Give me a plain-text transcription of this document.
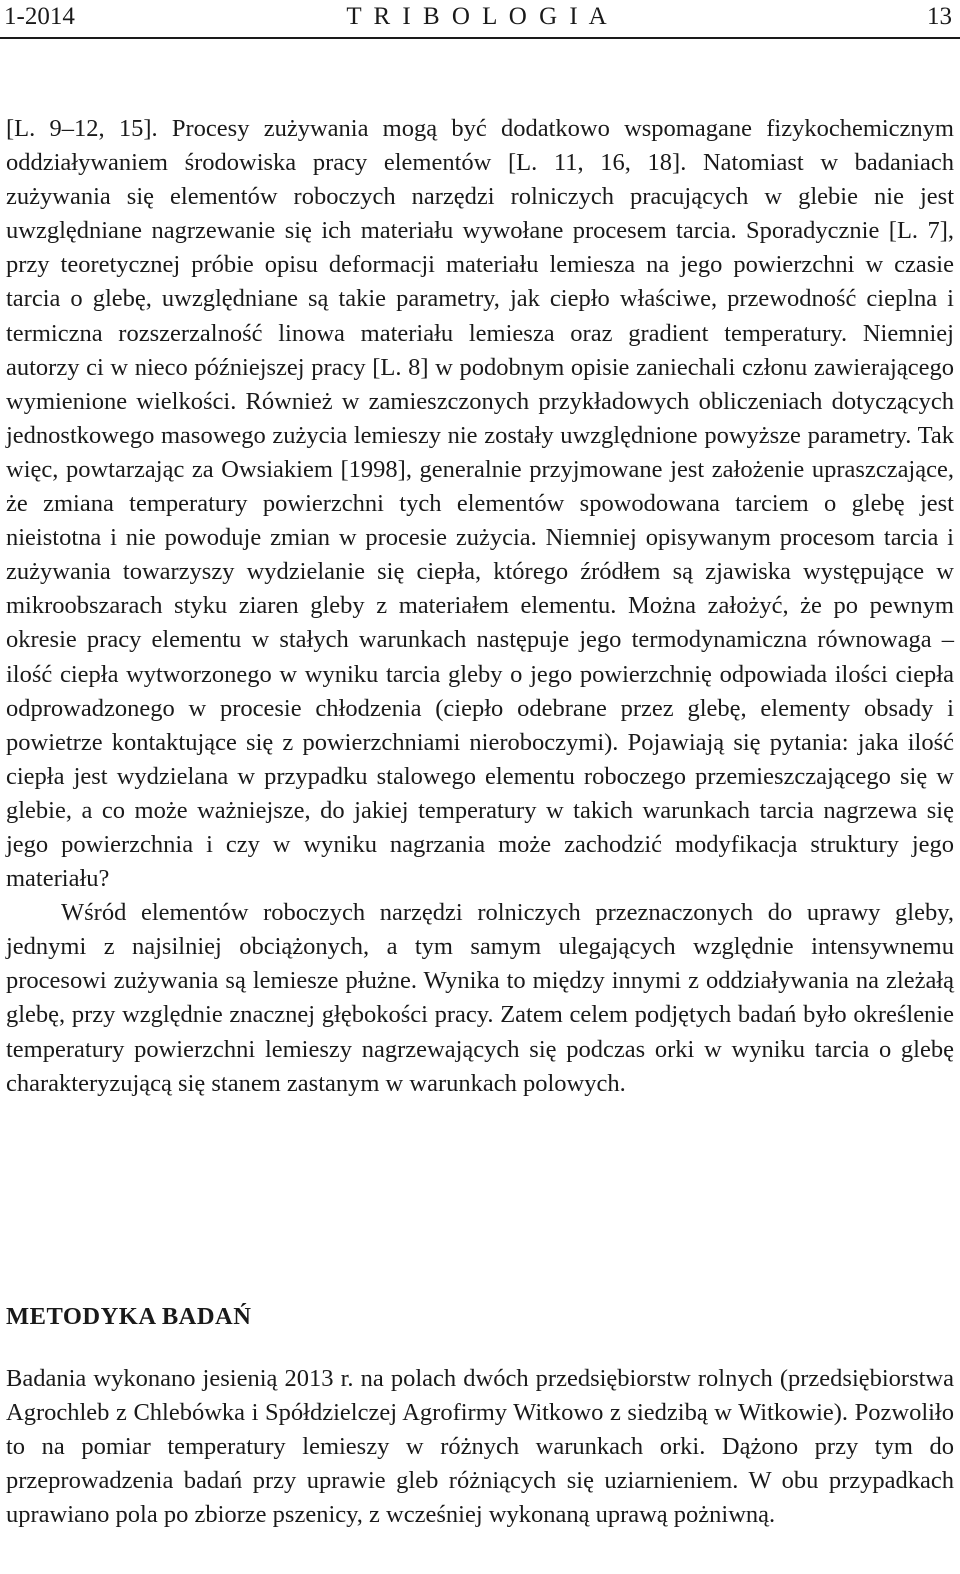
1-2014	T R I B O L O G I A	13

[L. 9–12, 15]. Procesy zużywania mogą być dodatkowo wspomagane fizykochemicznym oddziaływaniem środowiska pracy elementów [L. 11, 16, 18]. Natomiast w badaniach zużywania się elementów roboczych narzędzi rolniczych pracujących w glebie nie jest uwzględniane nagrzewanie się ich materiału wywołane procesem tarcia. Sporadycznie [L. 7], przy teoretycznej próbie opisu deformacji materiału lemiesza na jego powierzchni w czasie tarcia o glebę, uwzględniane są takie parametry, jak ciepło właściwe, przewodność cieplna i termiczna rozszerzalność linowa materiału lemiesza oraz gradient temperatury. Niemniej autorzy ci w nieco późniejszej pracy [L. 8] w podobnym opisie zaniechali członu zawierającego wymienione wielkości. Również w zamieszczonych przykładowych obliczeniach dotyczących jednostkowego masowego zużycia lemieszy nie zostały uwzględnione powyższe parametry. Tak więc, powtarzając za Owsiakiem [1998], generalnie przyjmowane jest założenie upraszczające, że zmiana temperatury powierzchni tych elementów spowodowana tarciem o glebę jest nieistotna i nie powoduje zmian w procesie zużycia. Niemniej opisywanym procesom tarcia i zużywania towarzyszy wydzielanie się ciepła, którego źródłem są zjawiska występujące w mikroobszarach styku ziaren gleby z materiałem elementu. Można założyć, że po pewnym okresie pracy elementu w stałych warunkach następuje jego termodynamiczna równowaga – ilość ciepła wytworzonego w wyniku tarcia gleby o jego powierzchnię odpowiada ilości ciepła odprowadzonego w procesie chłodzenia (ciepło odebrane przez glebę, elementy obsady i powietrze kontaktujące się z powierzchniami nieroboczymi). Pojawiają się pytania: jaka ilość ciepła jest wydzielana w przypadku stalowego elementu roboczego przemieszczającego się w glebie, a co może ważniejsze, do jakiej temperatury w takich warunkach tarcia nagrzewa się jego powierzchnia i czy w wyniku nagrzania może zachodzić modyfikacja struktury jego materiału?

Wśród elementów roboczych narzędzi rolniczych przeznaczonych do uprawy gleby, jednymi z najsilniej obciążonych, a tym samym ulegających względnie intensywnemu procesowi zużywania są lemiesze płużne. Wynika to między innymi z oddziaływania na zleżałą glebę, przy względnie znacznej głębokości pracy. Zatem celem podjętych badań było określenie temperatury powierzchni lemieszy nagrzewających się podczas orki w wyniku tarcia o glebę charakteryzującą się stanem zastanym w warunkach polowych.

METODYKA BADAŃ

Badania wykonano jesienią 2013 r. na polach dwóch przedsiębiorstw rolnych (przedsiębiorstwa Agrochleb z Chlebówka i Spółdzielczej Agrofirmy Witkowo z siedzibą w Witkowie). Pozwoliło to na pomiar temperatury lemieszy w różnych warunkach orki. Dążono przy tym do przeprowadzenia badań przy uprawie gleb różniących się uziarnieniem. W obu przypadkach uprawiano pola po zbiorze pszenicy, z wcześniej wykonaną uprawą pożniwną.
